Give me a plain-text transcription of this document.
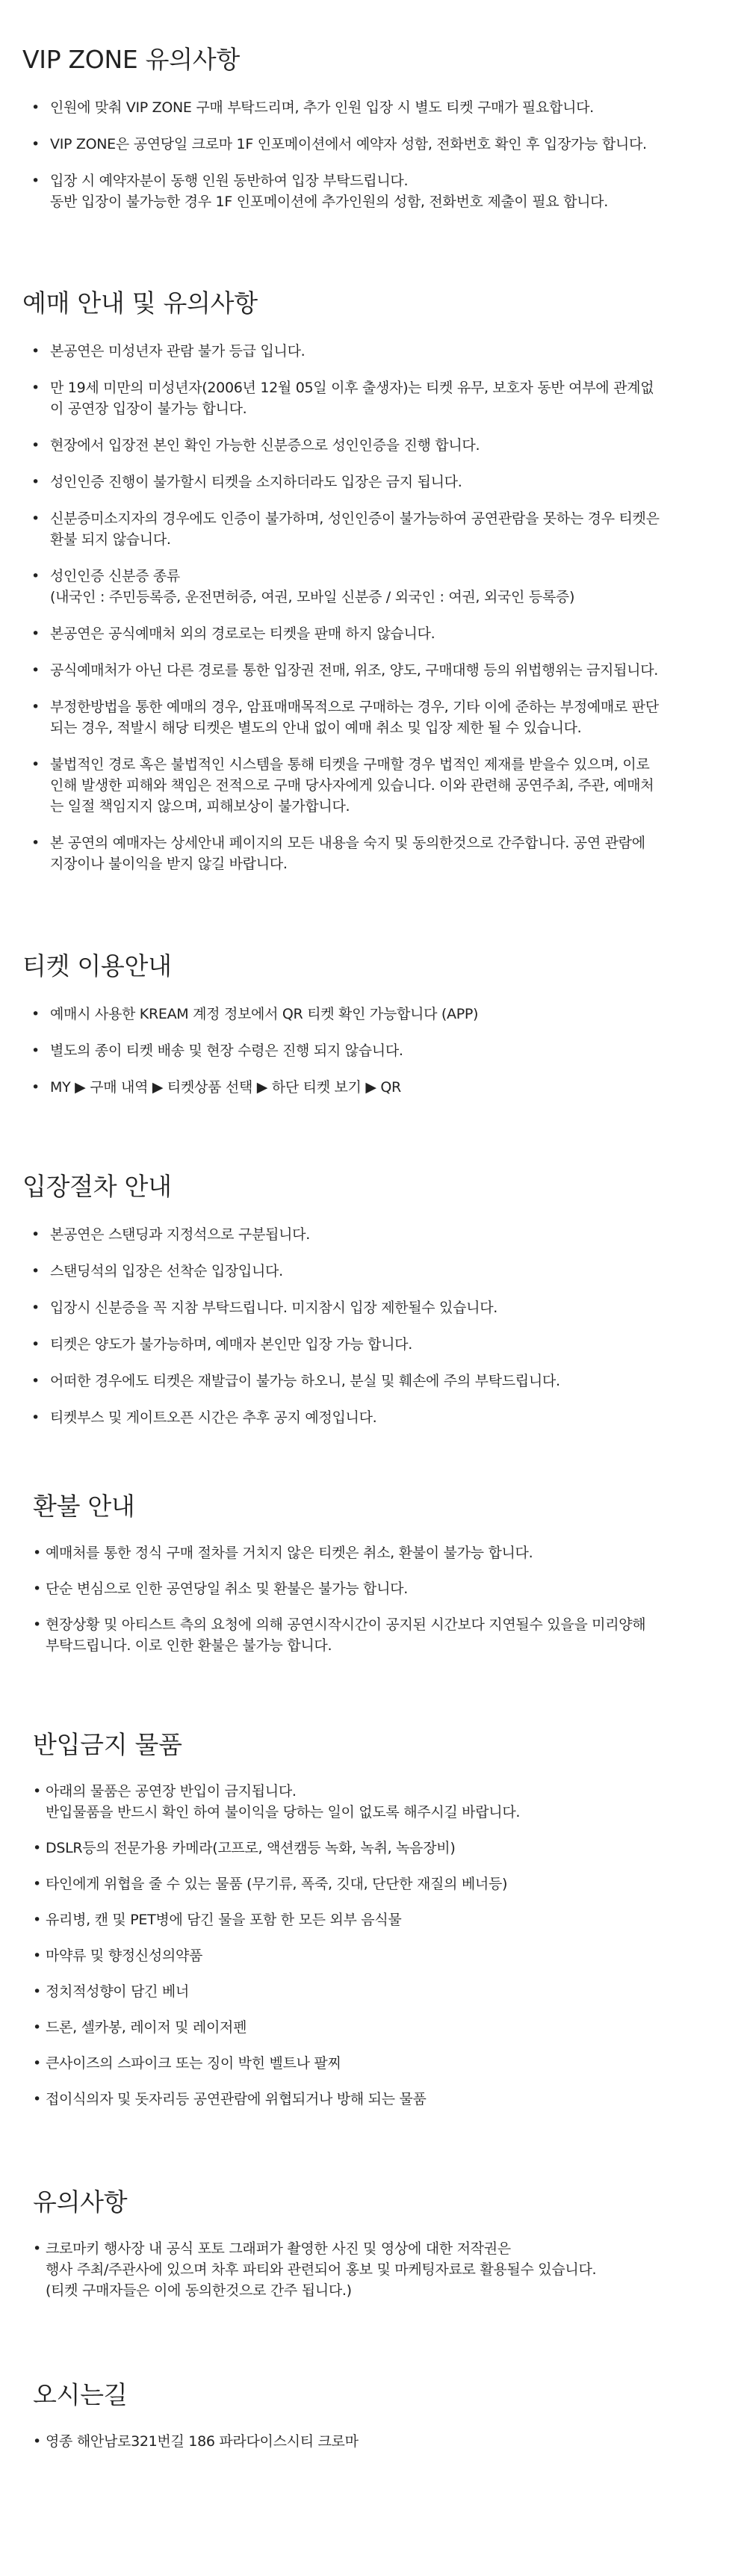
VIP ZONE 유의사항
• 인원에 맞춰 VIP ZONE 구매 부탁드리며, 추가 인원 입장 시 별도 티켓 구매가 필요합니다.
• VIP ZONE은 공연당일 크로마 1F 인포메이션에서 예약자 성함, 전화번호 확인 후 입장가능 합니다.
• 입장 시 예약자분이 동행 인원 동반하여 입장 부탁드립니다.
동반 입장이 불가능한 경우 1F 인포메이션에 추가인원의 성함, 전화번호 제출이 필요 합니다.
예매 안내 및 유의사항
• 본공연은 미성년자 관람 불가 등급 입니다.
• 만 19세 미만의 미성년자(2006년 12월 05일 이후 출생자)는 티켓 유무, 보호자 동반 여부에 관계없
이 공연장 입장이 불가능 합니다.
• 현장에서 입장전 본인 확인 가능한 신분증으로 성인인증을 진행 합니다.
• 성인인증 진행이 불가할시 티켓을 소지하더라도 입장은 금지 됩니다.
• 신분증미소지자의 경우에도 인증이 불가하며, 성인인증이 불가능하여 공연관람을 못하는 경우 티켓은
환불 되지 않습니다.
• 성인인증 신분증 종류
(내국인 : 주민등록증, 운전면허증, 여권, 모바일 신분증 / 외국인 : 여권, 외국인 등록증)
• 본공연은 공식예매처 외의 경로로는 티켓을 판매 하지 않습니다.
• 공식예매처가 아닌 다른 경로를 통한 입장권 전매, 위조, 양도, 구매대행 등의 위법행위는 금지됩니다.
• 부정한방법을 통한 예매의 경우, 암표매매목적으로 구매하는 경우, 기타 이에 준하는 부정예매로 판단
되는 경우, 적발시 해당 티켓은 별도의 안내 없이 예매 취소 및 입장 제한 될 수 있습니다.
• 불법적인 경로 혹은 불법적인 시스템을 통해 티켓을 구매할 경우 법적인 제재를 받을수 있으며, 이로
인해 발생한 피해와 책임은 전적으로 구매 당사자에게 있습니다. 이와 관련해 공연주최, 주관, 예매처
는 일절 책임지지 않으며, 피해보상이 불가합니다.
• 본 공연의 예매자는 상세안내 페이지의 모든 내용을 숙지 및 동의한것으로 간주합니다. 공연 관람에
지장이나 불이익을 받지 않길 바랍니다.
티켓 이용안내
• 예매시 사용한 KREAM 계정 정보에서 QR 티켓 확인 가능합니다 (APP)
• 별도의 종이 티켓 배송 및 현장 수령은 진행 되지 않습니다.
• MY ▶ 구매 내역 ▶ 티켓상품 선택 ▶ 하단 티켓 보기 ▶ QR
입장절차 안내
• 본공연은 스탠딩과 지정석으로 구분됩니다.
• 스탠딩석의 입장은 선착순 입장입니다.
• 입장시 신분증을 꼭 지참 부탁드립니다. 미지참시 입장 제한될수 있습니다.
• 티켓은 양도가 불가능하며, 예매자 본인만 입장 가능 합니다.
• 어떠한 경우에도 티켓은 재발급이 불가능 하오니, 분실 및 훼손에 주의 부탁드립니다.
• 티켓부스 및 게이트오픈 시간은 추후 공지 예정입니다.
환불 안내
• 예매처를 통한 정식 구매 절차를 거치지 않은 티켓은 취소, 환불이 불가능 합니다.
• 단순 변심으로 인한 공연당일 취소 및 환불은 불가능 합니다.
• 현장상황 및 아티스트 측의 요청에 의해 공연시작시간이 공지된 시간보다 지연될수 있을을 미리양해
부탁드립니다. 이로 인한 환불은 불가능 합니다.
반입금지 물품
• 아래의 물품은 공연장 반입이 금지됩니다.
반입물품을 반드시 확인 하여 불이익을 당하는 일이 없도록 해주시길 바랍니다.
• DSLR등의 전문가용 카메라(고프로, 액션캠등 녹화, 녹취, 녹음장비)
• 타인에게 위협을 줄 수 있는 물품 (무기류, 폭죽, 깃대, 단단한 재질의 베너등)
• 유리병, 캔 및 PET병에 담긴 물을 포함 한 모든 외부 음식물
• 마약류 및 향정신성의약품
• 정치적성향이 담긴 베너
• 드론, 셀카봉, 레이저 및 레이저펜
• 큰사이즈의 스파이크 또는 징이 박힌 벨트나 팔찌
• 접이식의자 및 돗자리등 공연관람에 위협되거나 방해 되는 물품
유의사항
• 크로마키 행사장 내 공식 포토 그래퍼가 촬영한 사진 및 영상에 대한 저작권은
행사 주최/주관사에 있으며 차후 파티와 관련되어 홍보 및 마케팅자료로 활용될수 있습니다.
(티켓 구매자들은 이에 동의한것으로 간주 됩니다.)
오시는길
• 영종 해안남로321번길 186 파라다이스시티 크로마
